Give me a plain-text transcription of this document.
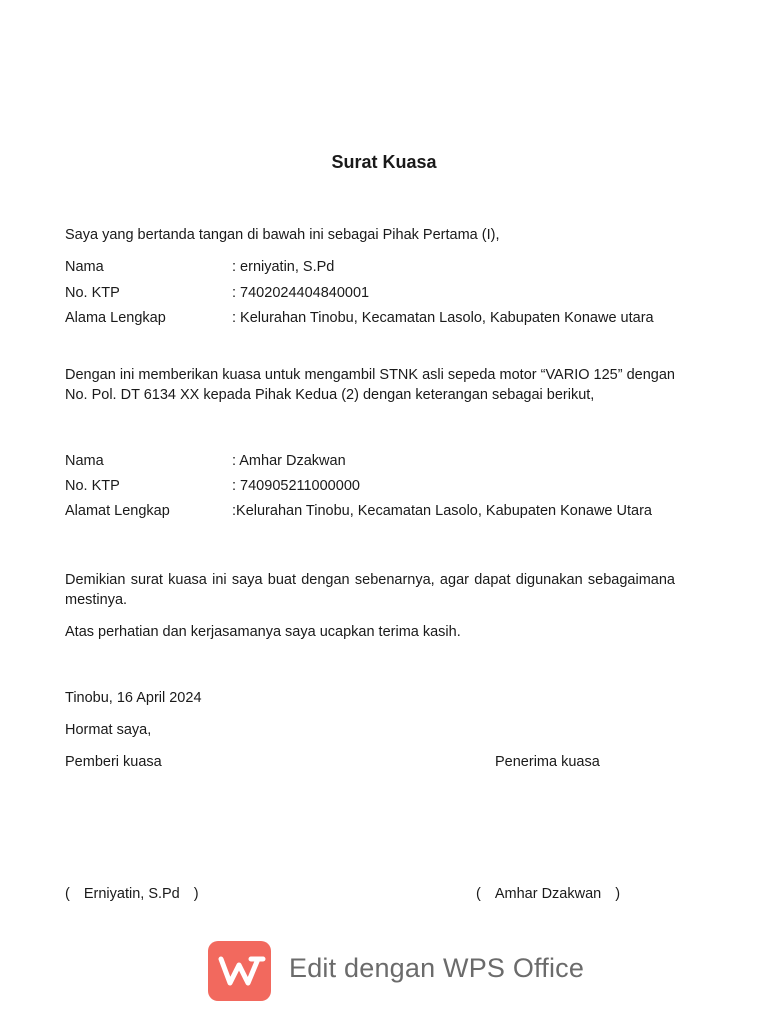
Surat Kuasa
Saya yang bertanda tangan di bawah ini sebagai Pihak Pertama (I),
Nama	: erniyatin, S.Pd
No. KTP	: 7402024404840001
Alama Lengkap	: Kelurahan Tinobu, Kecamatan Lasolo, Kabupaten Konawe utara

Dengan ini memberikan kuasa untuk mengambil STNK asli sepeda motor “VARIO 125” dengan No. Pol. DT 6134 XX kepada Pihak Kedua (2) dengan keterangan sebagai berikut,

Nama	: Amhar Dzakwan
No. KTP	: 740905211000000
Alamat Lengkap	:Kelurahan Tinobu, Kecamatan Lasolo, Kabupaten Konawe Utara

Demikian surat kuasa ini saya buat dengan sebenarnya, agar dapat digunakan sebagaimana mestinya.

Atas perhatian dan kerjasamanya saya ucapkan terima kasih.
Tinobu, 16 April 2024
Hormat saya,
Pemberi kuasa	Penerima kuasa
( Erniyatin, S.Pd )	( Amhar Dzakwan )
Edit dengan WPS Office
